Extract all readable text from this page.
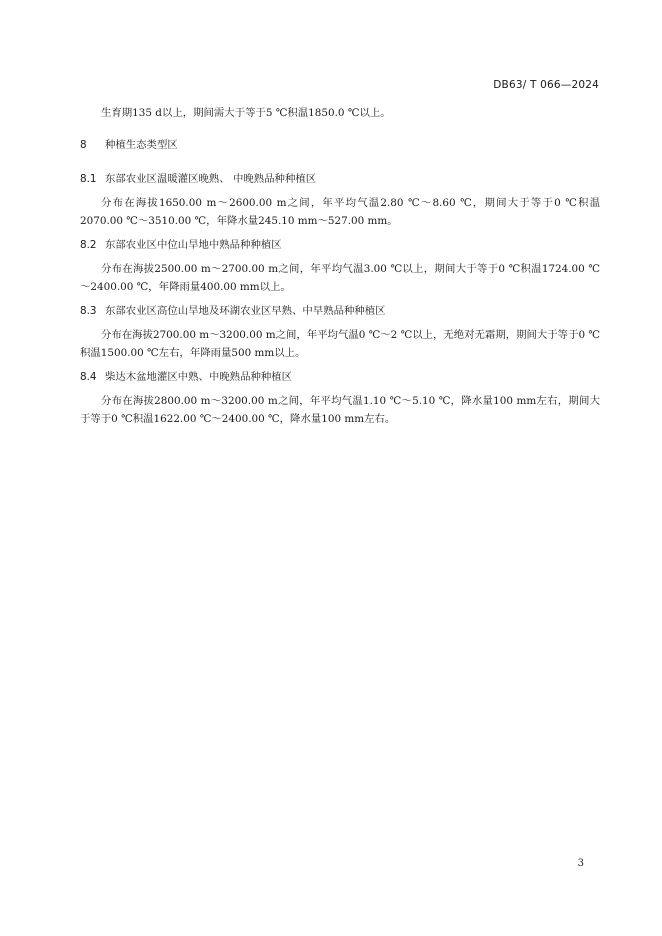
DB63/ T 066—2024

生育期135 d以上，期间需大于等于5 ℃积温1850.0 ℃以上。

8 种植生态类型区
8.1 东部农业区温暖灌区晚熟、 中晚熟品种种植区

分布在海拔1650.00 m～2600.00 m之间，年平均气温2.80 ℃～8.60 ℃，期间大于等于0 ℃积温2070.00 ℃～3510.00 ℃，年降水量245.10 mm～527.00 mm。

8.2 东部农业区中位山旱地中熟品种种植区

分布在海拔2500.00 m～2700.00 m之间，年平均气温3.00 ℃以上，期间大于等于0 ℃积温1724.00 ℃～2400.00 ℃，年降雨量400.00 mm以上。

8.3 东部农业区高位山旱地及环湖农业区早熟、中早熟品种种植区

分布在海拔2700.00 m～3200.00 m之间，年平均气温0 ℃～2 ℃以上，无绝对无霜期，期间大于等于0 ℃积温1500.00 ℃左右，年降雨量500 mm以上。

8.4 柴达木盆地灌区中熟、中晚熟品种种植区

分布在海拔2800.00 m～3200.00 m之间，年平均气温1.10 ℃～5.10 ℃，降水量100 mm左右，期间大于等于0 ℃积温1622.00 ℃～2400.00 ℃，降水量100 mm左右。

3
